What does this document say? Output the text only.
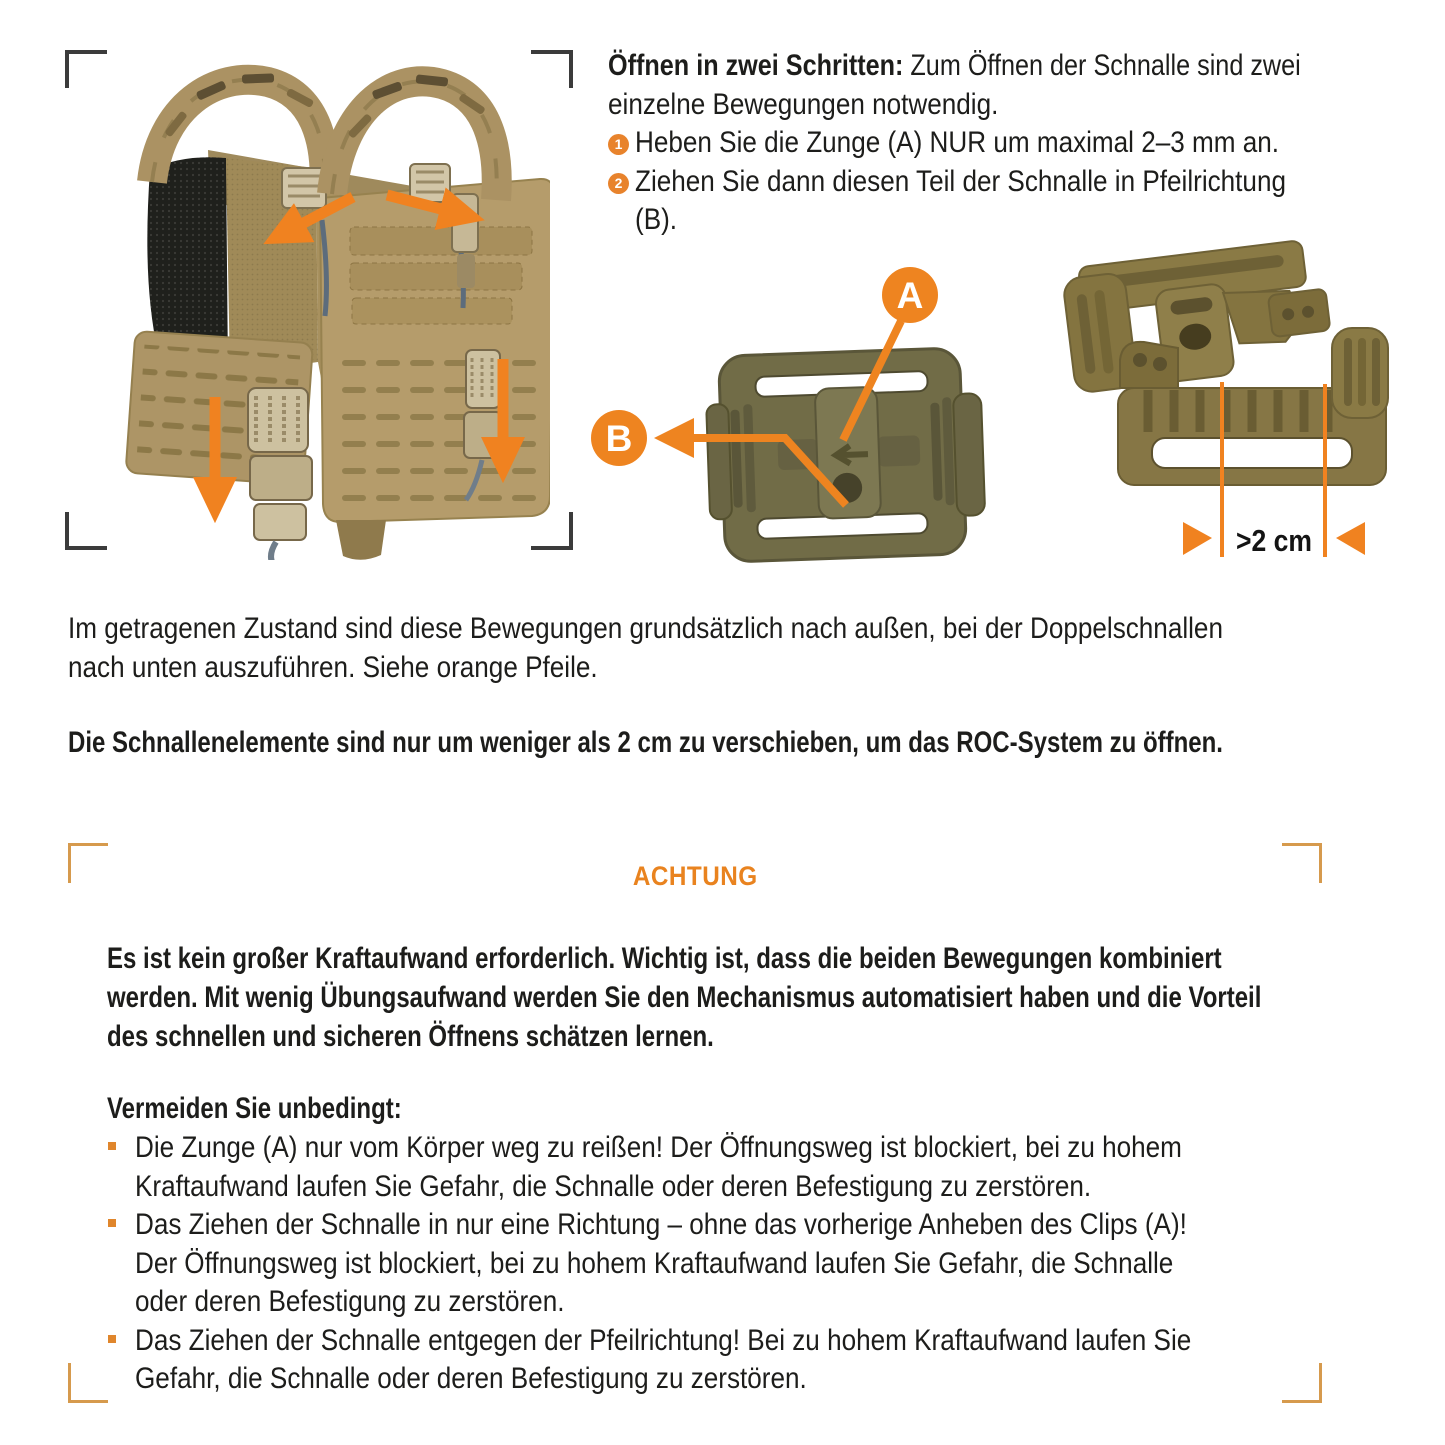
Öffnen in zwei Schritten: Zum Öffnen der Schnalle sind zwei
einzelne Bewegungen notwendig.
1 Heben Sie die Zunge (A) NUR um maximal 2–3 mm an.
2 Ziehen Sie dann diesen Teil der Schnalle in Pfeilrichtung
(B).
A
B
>2 cm
Im getragenen Zustand sind diese Bewegungen grundsätzlich nach außen, bei der Doppelschnallen
nach unten auszuführen. Siehe orange Pfeile.
Die Schnallenelemente sind nur um weniger als 2 cm zu verschieben, um das ROC-System zu öffnen.
ACHTUNG
Es ist kein großer Kraftaufwand erforderlich. Wichtig ist, dass die beiden Bewegungen kombiniert
werden. Mit wenig Übungsaufwand werden Sie den Mechanismus automatisiert haben und die Vorteil
des schnellen und sicheren Öffnens schätzen lernen.
Vermeiden Sie unbedingt:
Die Zunge (A) nur vom Körper weg zu reißen! Der Öffnungsweg ist blockiert, bei zu hohem
Kraftaufwand laufen Sie Gefahr, die Schnalle oder deren Befestigung zu zerstören.
Das Ziehen der Schnalle in nur eine Richtung – ohne das vorherige Anheben des Clips (A)!
Der Öffnungsweg ist blockiert, bei zu hohem Kraftaufwand laufen Sie Gefahr, die Schnalle
oder deren Befestigung zu zerstören.
Das Ziehen der Schnalle entgegen der Pfeilrichtung! Bei zu hohem Kraftaufwand laufen Sie
Gefahr, die Schnalle oder deren Befestigung zu zerstören.
